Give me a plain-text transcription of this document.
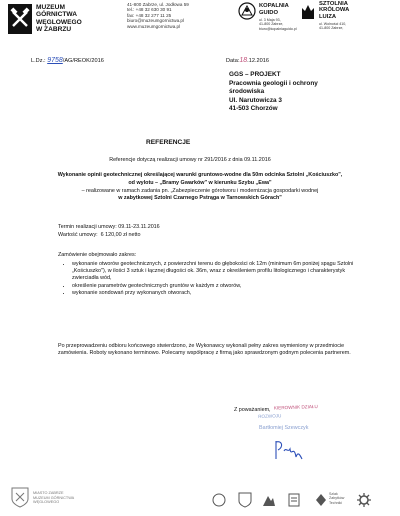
MUZEUM
GÓRNICTWA
WĘGLOWEGO
W ZABRZU
41-800 Zabrze, ul. Jodłowa 59
tel.: +48 32 630 30 91
fax: +48 32 277 11 25
biuro@muzeumgornictwa.pl
www.muzeumgornictwa.pl
KOPALNIA
GUIDO
ul. 3 Maja 93,
41-800 Zabrze,
biuro@kopalniaguido.pl
SZTOLNIA
KRÓLOWA
LUIZA
ul. Wolności 410,
41-800 Zabrze,
L.Dz.: 9758/AG/REOK/2016	Data:18.12.2016
GGS – PROJEKT
Pracownia geologii i ochrony
środowiska
Ul. Narutowicza 3
41-503 Chorzów
REFERENCJE
Referencje dotyczą realizacji umowy nr 291/2016 z dnia 09.11.2016
Wykonanie opinii geotechnicznej określającej warunki gruntowo-wodne dla 50m odcinka Sztolni „Kościuszko",
od wylotu – „Bramy Gwarków" w kierunku Szybu „Ewa"
– realizowane w ramach zadania pn. „Zabezpieczenie górotworu i modernizacja gospodarki wodnej
w zabytkowej Sztolni Czarnego Pstrąga w Tarnowskich Górach"
Termin realizacji umowy: 09.11-23.11.2016
Wartość umowy: 6 120,00 zł netto
Zamówienie obejmowało zakres:
• wykonanie otworów geotechnicznych, z powierzchni terenu do głębokości ok 12m (minimum 6m poniżej spągu Sztolni „Kościuszko"), w ilości 3 sztuk i łącznej długości ok. 36m, wraz z określeniem profilu litologicznego i charakterystyk zwierciadła wód,
• określenie parametrów geotechnicznych gruntów w każdym z otworów,
• wykonanie sondowań przy wykonanych otworach,
Po przeprowadzeniu odbioru końcowego stwierdzono, że Wykonawcy wykonali pełny zakres wymieniony w przedmiocie zamówienia. Roboty wykonano terminowo. Polecamy współpracę z firmą jako sprawdzonym godnym polecenia partnerem.
Z poważaniem, KIEROWNIK DZIAŁU
ROZWOJU
Bartłomiej Szewczyk
MIASTO ZABRZE
MUZEUM GÓRNICTWA
WĘGLOWEGO
Szlak
Zabytków
Techniki
